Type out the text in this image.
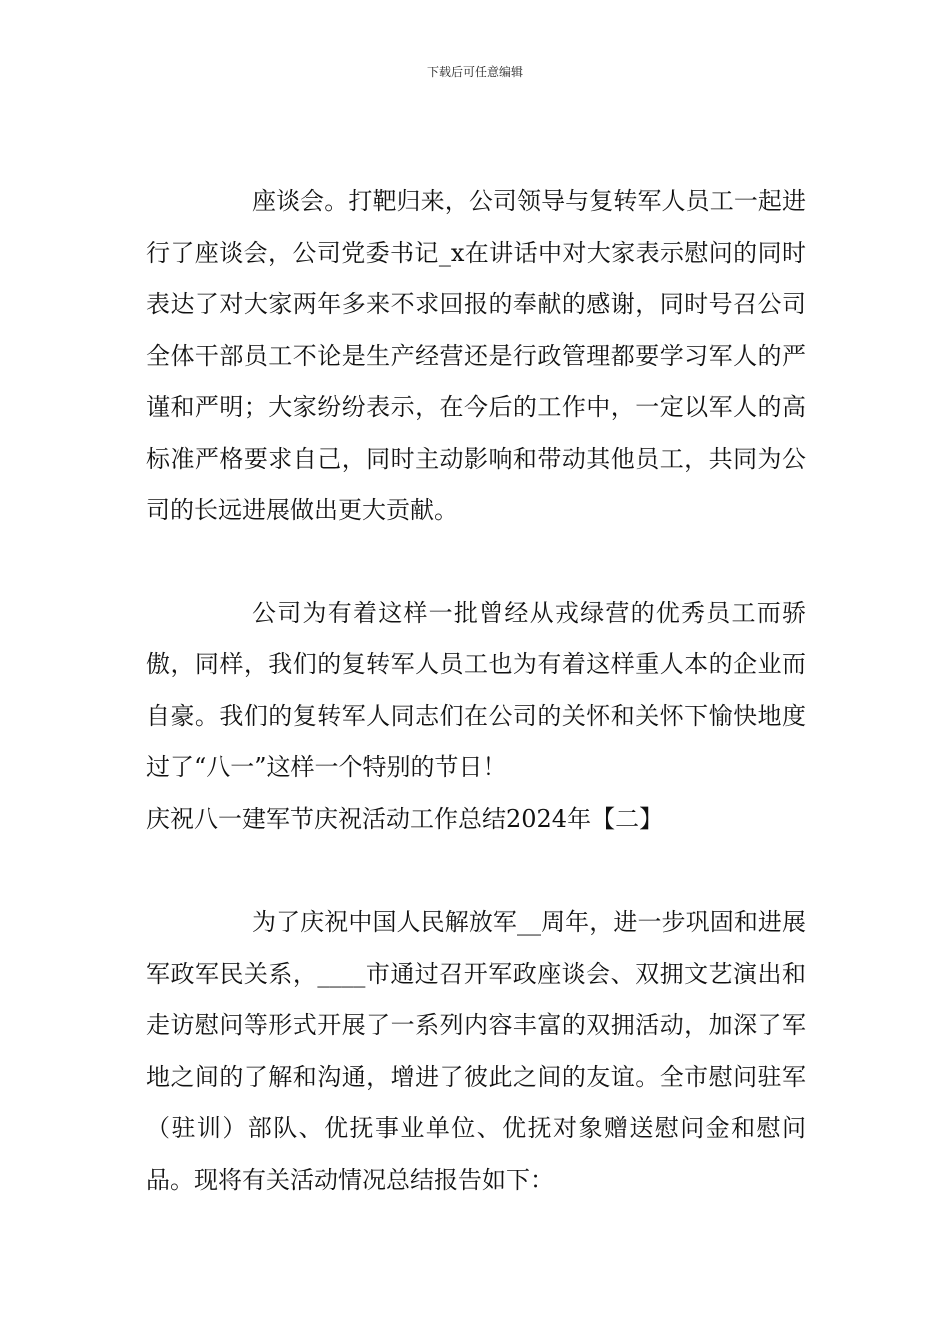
下载后可任意编辑

座谈会。打靶归来，公司领导与复转军人员工一起进行了座谈会，公司党委书记_x在讲话中对大家表示慰问的同时表达了对大家两年多来不求回报的奉献的感谢，同时号召公司全体干部员工不论是生产经营还是行政管理都要学习军人的严谨和严明；大家纷纷表示，在今后的工作中，一定以军人的高标准严格要求自己，同时主动影响和带动其他员工，共同为公司的长远进展做出更大贡献。

公司为有着这样一批曾经从戎绿营的优秀员工而骄傲，同样，我们的复转军人员工也为有着这样重人本的企业而自豪。我们的复转军人同志们在公司的关怀和关怀下愉快地度过了“八一”这样一个特别的节日！

庆祝八一建军节庆祝活动工作总结2024年【二】

为了庆祝中国人民解放军__周年，进一步巩固和进展军政军民关系，____市通过召开军政座谈会、双拥文艺演出和走访慰问等形式开展了一系列内容丰富的双拥活动，加深了军地之间的了解和沟通，增进了彼此之间的友谊。全市慰问驻军（驻训）部队、优抚事业单位、优抚对象赠送慰问金和慰问品。现将有关活动情况总结报告如下：
